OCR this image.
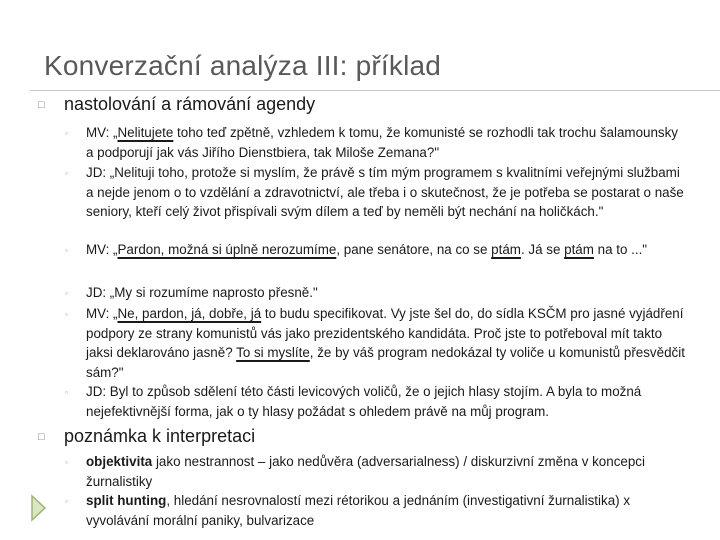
Konverzační analýza III: příklad
□	nastolování a rámování agendy
▫	MV: „Nelitujete toho teď zpětně, vzhledem k tomu, že komunisté se rozhodli tak trochu šalamounsky a podporují jak vás Jiřího Dienstbiera, tak Miloše Zemana?"
▫	JD: „Nelituji toho, protože si myslím, že právě s tím mým programem s kvalitními veřejnými službami a nejde jenom o to vzdělání a zdravotnictví, ale třeba i o skutečnost, že je potřeba se postarat o naše seniory, kteří celý život přispívali svým dílem a teď by neměli být nechání na holičkách."
▫	MV: „Pardon, možná si úplně nerozumíme, pane senátore, na co se ptám. Já se ptám na to ..."
▫	JD: „My si rozumíme naprosto přesně."
▫	MV: „Ne, pardon, já, dobře, já to budu specifikovat. Vy jste šel do, do sídla KSČM pro jasné vyjádření podpory ze strany komunistů vás jako prezidentského kandidáta. Proč jste to potřeboval mít takto jaksi deklarováno jasně? To si myslíte, že by váš program nedokázal ty voliče u komunistů přesvědčit sám?"
▫	JD: Byl to způsob sdělení této části levicových voličů, že o jejich hlasy stojím. A byla to možná nejefektivnější forma, jak o ty hlasy požádat s ohledem právě na můj program.
□	poznámka k interpretaci
▫	objektivita jako nestrannost – jako nedůvěra (adversarialness) / diskurzivní změna v koncepci žurnalistiky
▫	split hunting, hledání nesrovnalostí mezi rétorikou a jednáním (investigativní žurnalistika) x vyvolávání morální paniky, bulvarizace
